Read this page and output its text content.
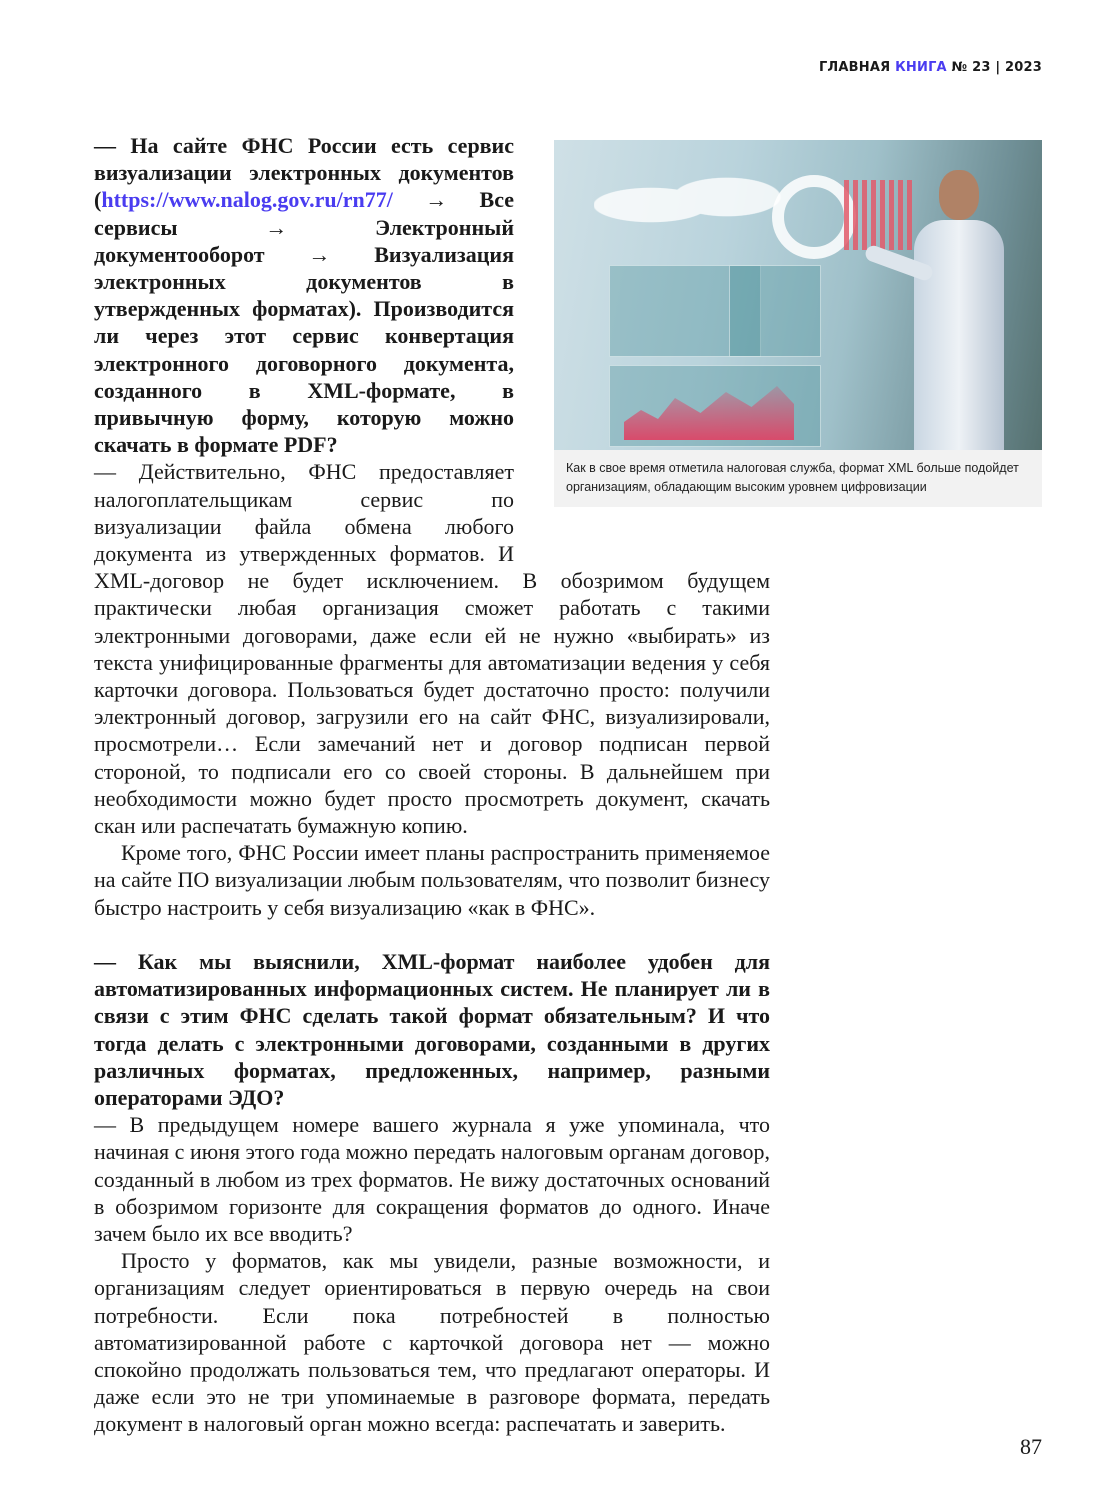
ГЛАВНАЯ КНИГА № 23 | 2023
Как в свое время отметила налоговая служба, формат XML больше подойдет организациям, обладающим высоким уровнем цифровизации

— На сайте ФНС России есть сервис визуализации электронных документов (https://www.nalog.gov.ru/rn77/ → Все сервисы → Электронный документооборот → Визуализация электронных документов в утвержденных форматах). Производится ли через этот сервис конвертация электронного договорного документа, созданного в XML-формате, в привычную форму, которую можно скачать в формате PDF?

— Действительно, ФНС предоставляет налогоплательщикам сервис по визуализации файла обмена любого документа из утвержденных форматов. И XML-договор не будет исключением. В обозримом будущем практически любая организация сможет работать с такими электронными договорами, даже если ей не нужно «выбирать» из текста унифицированные фрагменты для автоматизации ведения у себя карточки договора. Пользоваться будет достаточно просто: получили электронный договор, загрузили его на сайт ФНС, визуализировали, просмотрели… Если замечаний нет и договор подписан первой стороной, то подписали его со своей стороны. В дальнейшем при необходимости можно будет просто просмотреть документ, скачать скан или распечатать бумажную копию.

Кроме того, ФНС России имеет планы распространить применяемое на сайте ПО визуализации любым пользователям, что позволит бизнесу быстро настроить у себя визуализацию «как в ФНС».

— Как мы выяснили, XML-формат наиболее удобен для автоматизированных информационных систем. Не планирует ли в связи с этим ФНС сделать такой формат обязательным? И что тогда делать с электронными договорами, созданными в других различных форматах, предложенных, например, разными операторами ЭДО?

— В предыдущем номере вашего журнала я уже упоминала, что начиная с июня этого года можно передать налоговым органам договор, созданный в любом из трех форматов. Не вижу достаточных оснований в обозримом горизонте для сокращения форматов до одного. Иначе зачем было их все вводить?

Просто у форматов, как мы увидели, разные возможности, и организациям следует ориентироваться в первую очередь на свои потребности. Если пока потребностей в полностью автоматизированной работе с карточкой договора нет — можно спокойно продолжать пользоваться тем, что предлагают операторы. И даже если это не три упоминаемые в разговоре формата, передать документ в налоговый орган можно всегда: распечатать и заверить.

87
